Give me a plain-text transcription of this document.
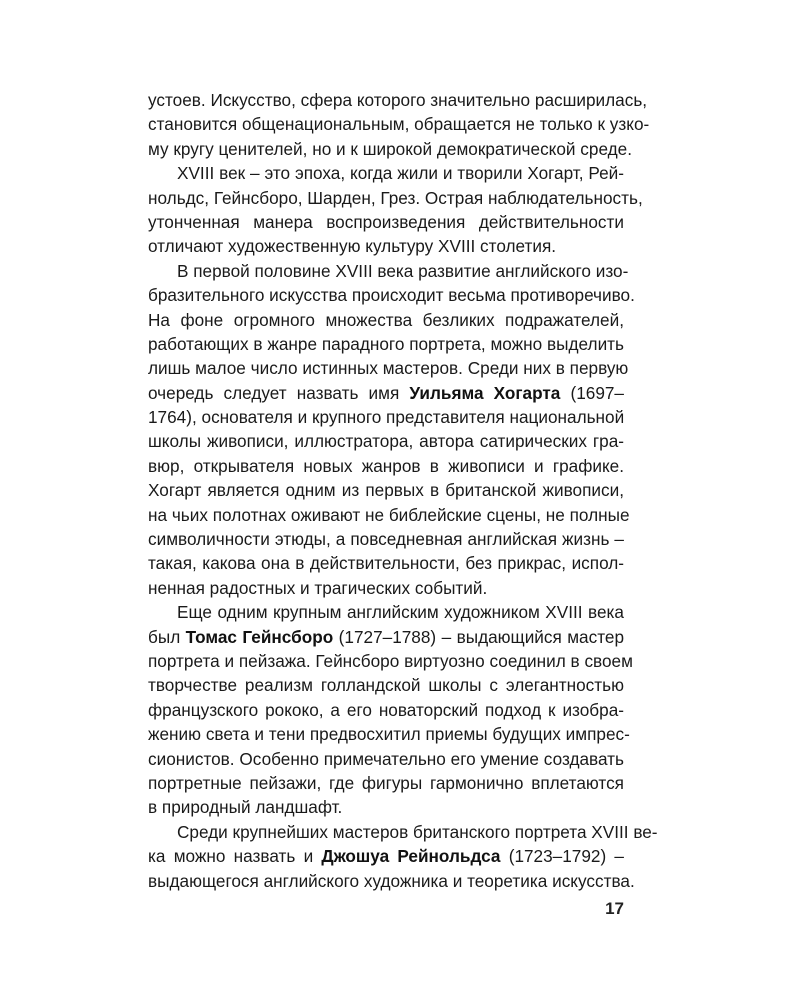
устоев. Искусство, сфера которого значительно расширилась,
становится общенациональным, обращается не только к узко-
му кругу ценителей, но и к широкой демократической среде.
XVIII век – это эпоха, когда жили и творили Хогарт, Рей-
нольдс, Гейнсборо, Шарден, Грез. Острая наблюдательность,
утонченная манера воспроизведения действительности
отличают художественную культуру XVIII столетия.
В первой половине XVIII века развитие английского изо-
бразительного искусства происходит весьма противоречиво.
На фоне огромного множества безликих подражателей,
работающих в жанре парадного портрета, можно выделить
лишь малое число истинных мастеров. Среди них в первую
очередь следует назвать имя Уильяма Хогарта (1697–
1764), основателя и крупного представителя национальной
школы живописи, иллюстратора, автора сатирических гра-
вюр, открывателя новых жанров в живописи и графике.
Хогарт является одним из первых в британской живописи,
на чьих полотнах оживают не библейские сцены, не полные
символичности этюды, а повседневная английская жизнь –
такая, какова она в действительности, без прикрас, испол-
ненная радостных и трагических событий.
Еще одним крупным английским художником XVIII века
был Томас Гейнсборо (1727–1788) – выдающийся мастер
портрета и пейзажа. Гейнсборо виртуозно соединил в своем
творчестве реализм голландской школы с элегантностью
французского рококо, а его новаторский подход к изобра-
жению света и тени предвосхитил приемы будущих импрес-
сионистов. Особенно примечательно его умение создавать
портретные пейзажи, где фигуры гармонично вплетаются
в природный ландшафт.
Среди крупнейших мастеров британского портрета XVIII ве-
ка можно назвать и Джошуа Рейнольдса (1723–1792) –
выдающегося английского художника и теоретика искусства.
17
